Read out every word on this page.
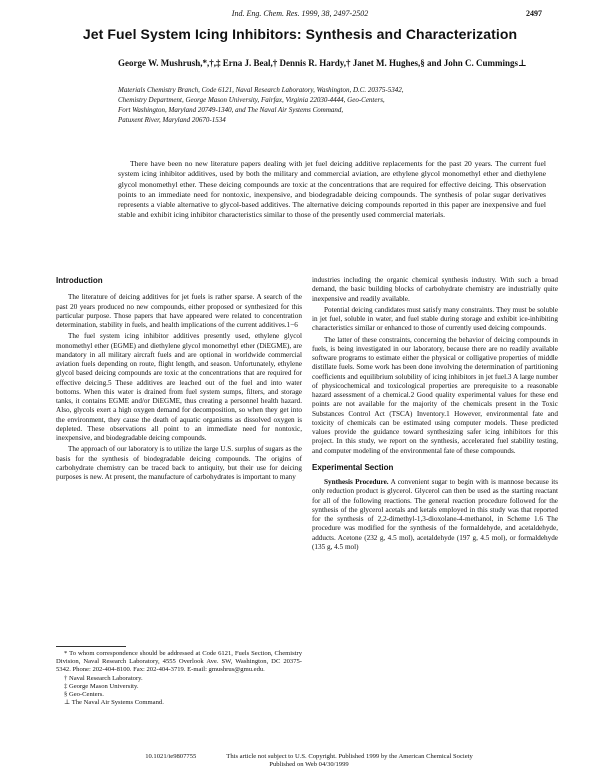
Ind. Eng. Chem. Res. 1999, 38, 2497-2502	2497
Jet Fuel System Icing Inhibitors: Synthesis and Characterization
George W. Mushrush,*,†,‡ Erna J. Beal,† Dennis R. Hardy,† Janet M. Hughes,§ and John C. Cummings⊥
Materials Chemistry Branch, Code 6121, Naval Research Laboratory, Washington, D.C. 20375-5342,
Chemistry Department, George Mason University, Fairfax, Virginia 22030-4444, Geo-Centers,
Fort Washington, Maryland 20749-1340, and The Naval Air Systems Command,
Patuxent River, Maryland 20670-1534

There have been no new literature papers dealing with jet fuel deicing additive replacements for the past 20 years. The current fuel system icing inhibitor additives, used by both the military and commercial aviation, are ethylene glycol monomethyl ether and diethylene glycol monomethyl ether. These deicing compounds are toxic at the concentrations that are required for effective deicing. This observation points to an immediate need for nontoxic, inexpensive, and biodegradable deicing compounds. The synthesis of polar sugar derivatives represents a viable alternative to glycol-based additives. The alternative deicing compounds reported in this paper are inexpensive and fuel stable and exhibit icing inhibitor characteristics similar to those of the presently used commercial materials.

Introduction

The literature of deicing additives for jet fuels is rather sparse. A search of the past 20 years produced no new compounds, either proposed or synthesized for this particular purpose. Those papers that have appeared were related to concentration determination, stability in fuels, and health implications of the current additives.1−6

The fuel system icing inhibitor additives presently used, ethylene glycol monomethyl ether (EGME) and diethylene glycol monomethyl ether (DiEGME), are mandatory in all military aircraft fuels and are optional in worldwide commercial aviation fuels depending on route, flight length, and season. Unfortunately, ethylene glycol based deicing compounds are toxic at the concentrations that are required for effective deicing.5 These additives are leached out of the fuel and into water bottoms. When this water is drained from fuel system sumps, filters, and storage tanks, it contains EGME and/or DiEGME, thus creating a personnel health hazard. Also, glycols exert a high oxygen demand for decomposition, so when they get into the environment, they cause the death of aquatic organisms as dissolved oxygen is depleted. These observations all point to an immediate need for nontoxic, inexpensive, and biodegradable deicing compounds.

The approach of our laboratory is to utilize the large U.S. surplus of sugars as the basis for the synthesis of biodegradable deicing compounds. The origins of carbohydrate chemistry can be traced back to antiquity, but their use for deicing purposes is new. At present, the manufacture of carbohydrates is important to many

* To whom correspondence should be addressed at Code 6121, Fuels Section, Chemistry Division, Naval Research Laboratory, 4555 Overlook Ave. SW, Washington, DC 20375-5342. Phone: 202-404-8100. Fax: 202-404-3719. E-mail: gmushrus@gmu.edu.

† Naval Research Laboratory.

‡ George Mason University.

§ Geo-Centers.

⊥ The Naval Air Systems Command.

industries including the organic chemical synthesis industry. With such a broad demand, the basic building blocks of carbohydrate chemistry are industrially quite inexpensive and readily available.

Potential deicing candidates must satisfy many constraints. They must be soluble in jet fuel, soluble in water, and fuel stable during storage and exhibit ice-inhibiting characteristics similar or enhanced to those of currently used deicing compounds.

The latter of these constraints, concerning the behavior of deicing compounds in fuels, is being investigated in our laboratory, because there are no readily available software programs to estimate either the physical or colligative properties of middle distillate fuels. Some work has been done involving the determination of partitioning coefficients and equilibrium solubility of icing inhibitors in jet fuel.3 A large number of physicochemical and toxicological properties are prerequisite to a reasonable hazard assessment of a chemical.2 Good quality experimental values for these end points are not available for the majority of the chemicals present in the Toxic Substances Control Act (TSCA) Inventory.1 However, environmental fate and toxicity of chemicals can be estimated using computer models. These predicted values provide the guidance toward synthesizing safer icing inhibitors for this project. In this study, we report on the synthesis, accelerated fuel stability testing, and computer modeling of the environmental fate of these compounds.

Experimental Section

Synthesis Procedure. A convenient sugar to begin with is mannose because its only reduction product is glycerol. Glycerol can then be used as the starting reactant for all of the following reactions. The general reaction procedure followed for the synthesis of the glycerol acetals and ketals employed in this study was that reported for the synthesis of 2,2-dimethyl-1,3-dioxolane-4-methanol, in Scheme 1.6 The procedure was modified for the synthesis of the formaldehyde, and acetaldehyde, adducts. Acetone (232 g, 4.5 mol), acetaldehyde (197 g, 4.5 mol), or formaldehyde (135 g, 4.5 mol)

10.1021/ie9807755	This article not subject to U.S. Copyright. Published 1999 by the American Chemical Society
Published on Web 04/30/1999
